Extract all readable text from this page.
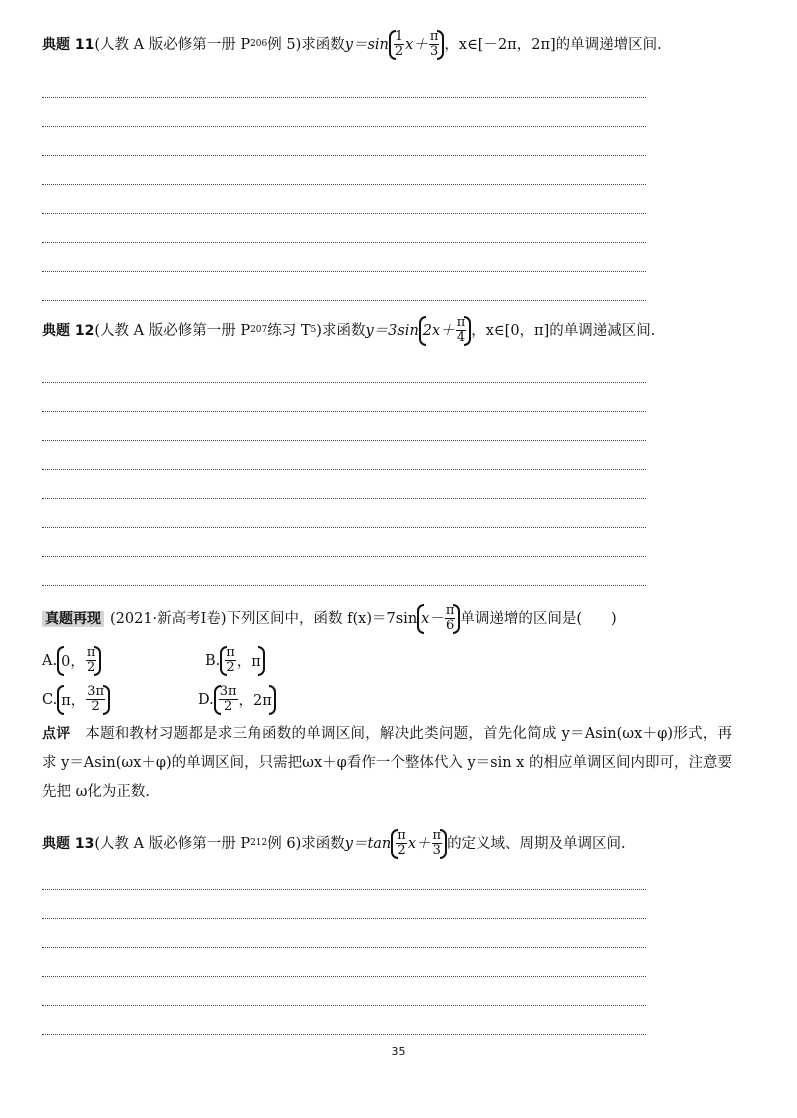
典题 11 (人教 A 版必修第一册 P 206 例 5)求函数 $y=\sin \frac{1}{2} x+ \frac{\pi}{3}$ ，x∈[－2π，2π]的单调递增区间.
典题 12 (人教 A 版必修第一册 P 207 练习 T 5 )求函数 y＝3sin $2x+ \frac{\pi}{4}$ ，x∈[0，π]的单调递减区间.
真题再现 (2021·新高考Ⅰ卷)下列区间中，函数 f(x)＝7sin $x- \frac{\pi}{6}$ 单调递增的区间是(　　)
A. 0， $\frac{\pi}{2}$	B. $\frac{\pi}{2}$ ，π
C. π， $\frac{3\pi}{2}$	D. $\frac{3\pi}{2}$ ，2π
点评　本题和教材习题都是求三角函数的单调区间，解决此类问题，首先化简成 y＝Asin(ωx＋φ)形式，再求 y＝Asin(ωx＋φ)的单调区间，只需把ωx＋φ看作一个整体代入 y＝sin x 的相应单调区间内即可，注意要先把 ω化为正数.
典题 13 (人教 A 版必修第一册 P 212 例 6)求函数 $y=\tan \frac{\pi}{2} x+ \frac{\pi}{3}$ 的定义域、周期及单调区间.
35
